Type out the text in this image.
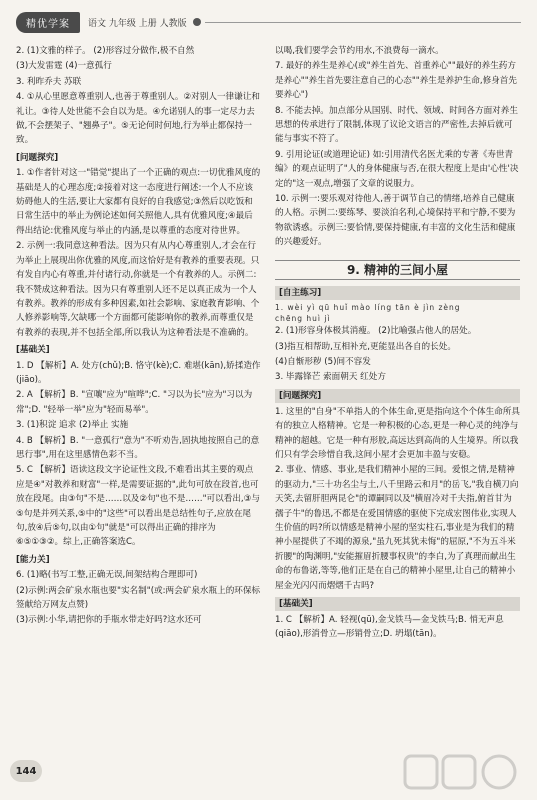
精优学案	语文 九年级 上册 人教版

2. (1)文雅的样子。 (2)形容过分做作,极不自然

(3)大发雷霆 (4)一意孤行

3. 利昨乔夫 苏联

4. ①从心里愿意尊重别人,也善于尊重别人。②对别人一律谦让和礼让。③待人处世能不会自以为是。④允诺别人的事一定尽力去做,不会摆架子、"翘鼻子"。⑤无论何时何地,行为举止都保持一致。

[问题探究]

1. ①作者针对这一"错觉"提出了一个正确的观点:一切优雅风度的基础是人的心理态度;②接着对这一态度进行阐述:一个人不应该妨碍他人的生活,要让大家都有良好的自我感觉;③然后以吃饭和日常生活中的举止为例论述如何关照他人,具有优雅风度;④最后得出结论:优雅风度与举止的内涵,是以尊重的态度对待世界。

2. 示例一:我同意这种看法。因为只有从内心尊重别人,才会在行为举止上展现出你优雅的风度,而这恰好是有教养的重要表现。只有发自内心有尊重,并付诸行动,你就是一个有教养的人。示例二:我不赞成这种看法。因为只有尊重别人还不足以真正成为一个人有教养。教养的形成有多种因素,如社会影响、家庭教育影响、个人修养影响等,欠缺哪一个方面都可能影响你的教养,而尊重仅是有教养的表现,并不包括全部,所以我认为这种看法是不准确的。

[基础关]

1. D 【解析】A. 处方(chǔ);B. 恪守(kè);C. 难堪(kān),娇揉造作(jiāo)。

2. A 【解析】B. "宣嚷"应为"喧哗";C. "习以为长"应为"习以为常";D. "轻举一举"应为"轻而易举"。

3. (1)积淀 追求 (2)举止 实施

4. B 【解析】B. "一意孤行"意为"不听劝告,固执地按照自己的意思行事",用在这里感情色彩不当。

5. C 【解析】语读这段文字论证性文段,不难看出其主要的观点应是④"对教养和财富"一样,是需要证据的",此句可放在段首,也可放在段尾。由③句"不是……以及②句"也不是……"可以看出,③与⑤句是并列关系,⑤中的"这些"可以看出是总结性句子,应放在尾句,放④后⑤句,以由①句"就是"可以得出正确的排序为⑥⑤①③②。综上,正确答案选C。

[能力关]

6. (1)略(书写工整,正确无误,间架结构合理即可)

(2)示例:两会矿泉水瓶也要"实名制"(或:两会矿泉水瓶上的环保标签献给万网友点赞)

(3)示例:小华,请把你的手瓶水带走好吗?这水还可

以喝,我们要学会节约用水,不浪费每一滴水。

7. 最好的养生是养心(或"养生首先、首重养心""最好的养生药方是养心""养生首先要注意自己的心态""养生是养护生命,修身首先要养心")

8. 不能去掉。加点部分从国别、时代、领域、时间各方面对养生思想的传承进行了限制,体现了议论文语言的严密性,去掉后就可能与事实不符了。

9. 引用论证(或道理论证) 如:引用清代名医尤乘的专著《寿世青编》的观点证明了"人的身体健康与否,在很大程度上是由'心性'决定的"这一观点,增强了文章的说服力。

10. 示例一:要乐观对待他人,善于调节自己的情绪,培养自己健康的人格。示例二:要练琴、要淡泊名利,心境保持平和宁静,不要为物欲诱惑。示例三:要恰情,要保持健康,有丰富的文化生活和健康的兴趣爱好。

9. 精神的三间小屋
[自主练习]
1. wèi yì qū huǐ mào líng tān è jìn zèng
chēng huì jì

2. (1)形容身体极其消瘦。 (2)比喻强占他人的居处。

(3)指互相帮助,互相补充,更能显出各自的长处。

(4)自惭形秽 (5)间不容发

3. 毕露锋芒 索面朝天 红处方

[问题探究]

1. 这里的"自身"不单指人的个体生命,更是指向这个个体生命所具有的独立人格精神。它是一种积极的心态,更是一种心灵的纯净与精神的超越。它是一种有形胶,高远达到高尚的人生境界。所以我们只有学会珍惜自我,这间小屋才会更加丰盈与安稳。

2. 事业、情感、事业,是我们精神小屋的三间。爱恨之情,是精神的驱动力,"三十功名尘与土,八千里路云和月"的岳飞,"我自横刀向天笑,去留肝胆两昆仑"的谭嗣同以及"横眉冷对千夫指,俯首甘为孺子牛"的鲁迅,不都是在爱国情感的驱使下完成宏图伟业,实现人生价值的吗?所以情感是精神小屋的坚实柱石,事业是为我们的精神小屋提供了不竭的源泉,"虽九死其犹未悔"的屈原,"不为五斗米折腰"的陶渊明,"安能摧眉折腰事权贵"的李白,为了真理而献出生命的布鲁诺,等等,他们正是在自己的精神小屋里,让自己的精神小屋金光闪闪而熠熠千古吗?

[基础关]

1. C 【解析】A. 轻视(qū),金戈铁马—金戈铁马;B. 悄无声息(qiāo),形消骨立—形销骨立;D. 坍塌(tān)。

144
